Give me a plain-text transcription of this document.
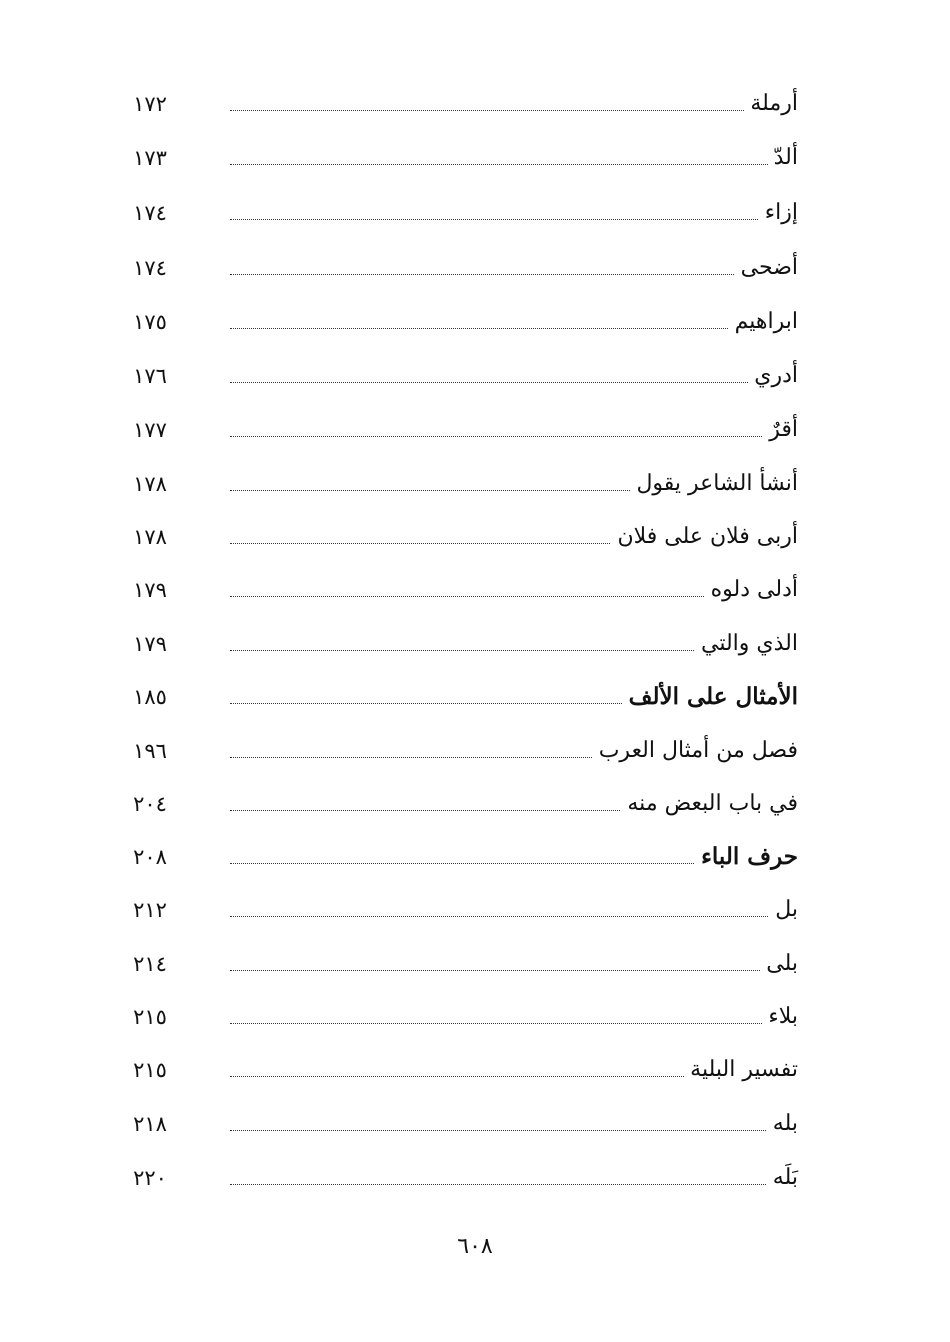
أرملة
١٧٢
ألدّ
١٧٣
إزاء
١٧٤
أضحى
١٧٤
ابراهيم
١٧٥
أدري
١٧٦
أقرٌ
١٧٧
أنشأ الشاعر يقول
١٧٨
أربى فلان على فلان
١٧٨
أدلى دلوه
١٧٩
الذي والتي
١٧٩
الأمثال على الألف
١٨٥
فصل من أمثال العرب
١٩٦
في باب البعض منه
٢٠٤
حرف الباء
٢٠٨
بل
٢١٢
بلى
٢١٤
بلاء
٢١٥
تفسير البلية
٢١٥
بله
٢١٨
بَلَه
٢٢٠
٦٠٨
